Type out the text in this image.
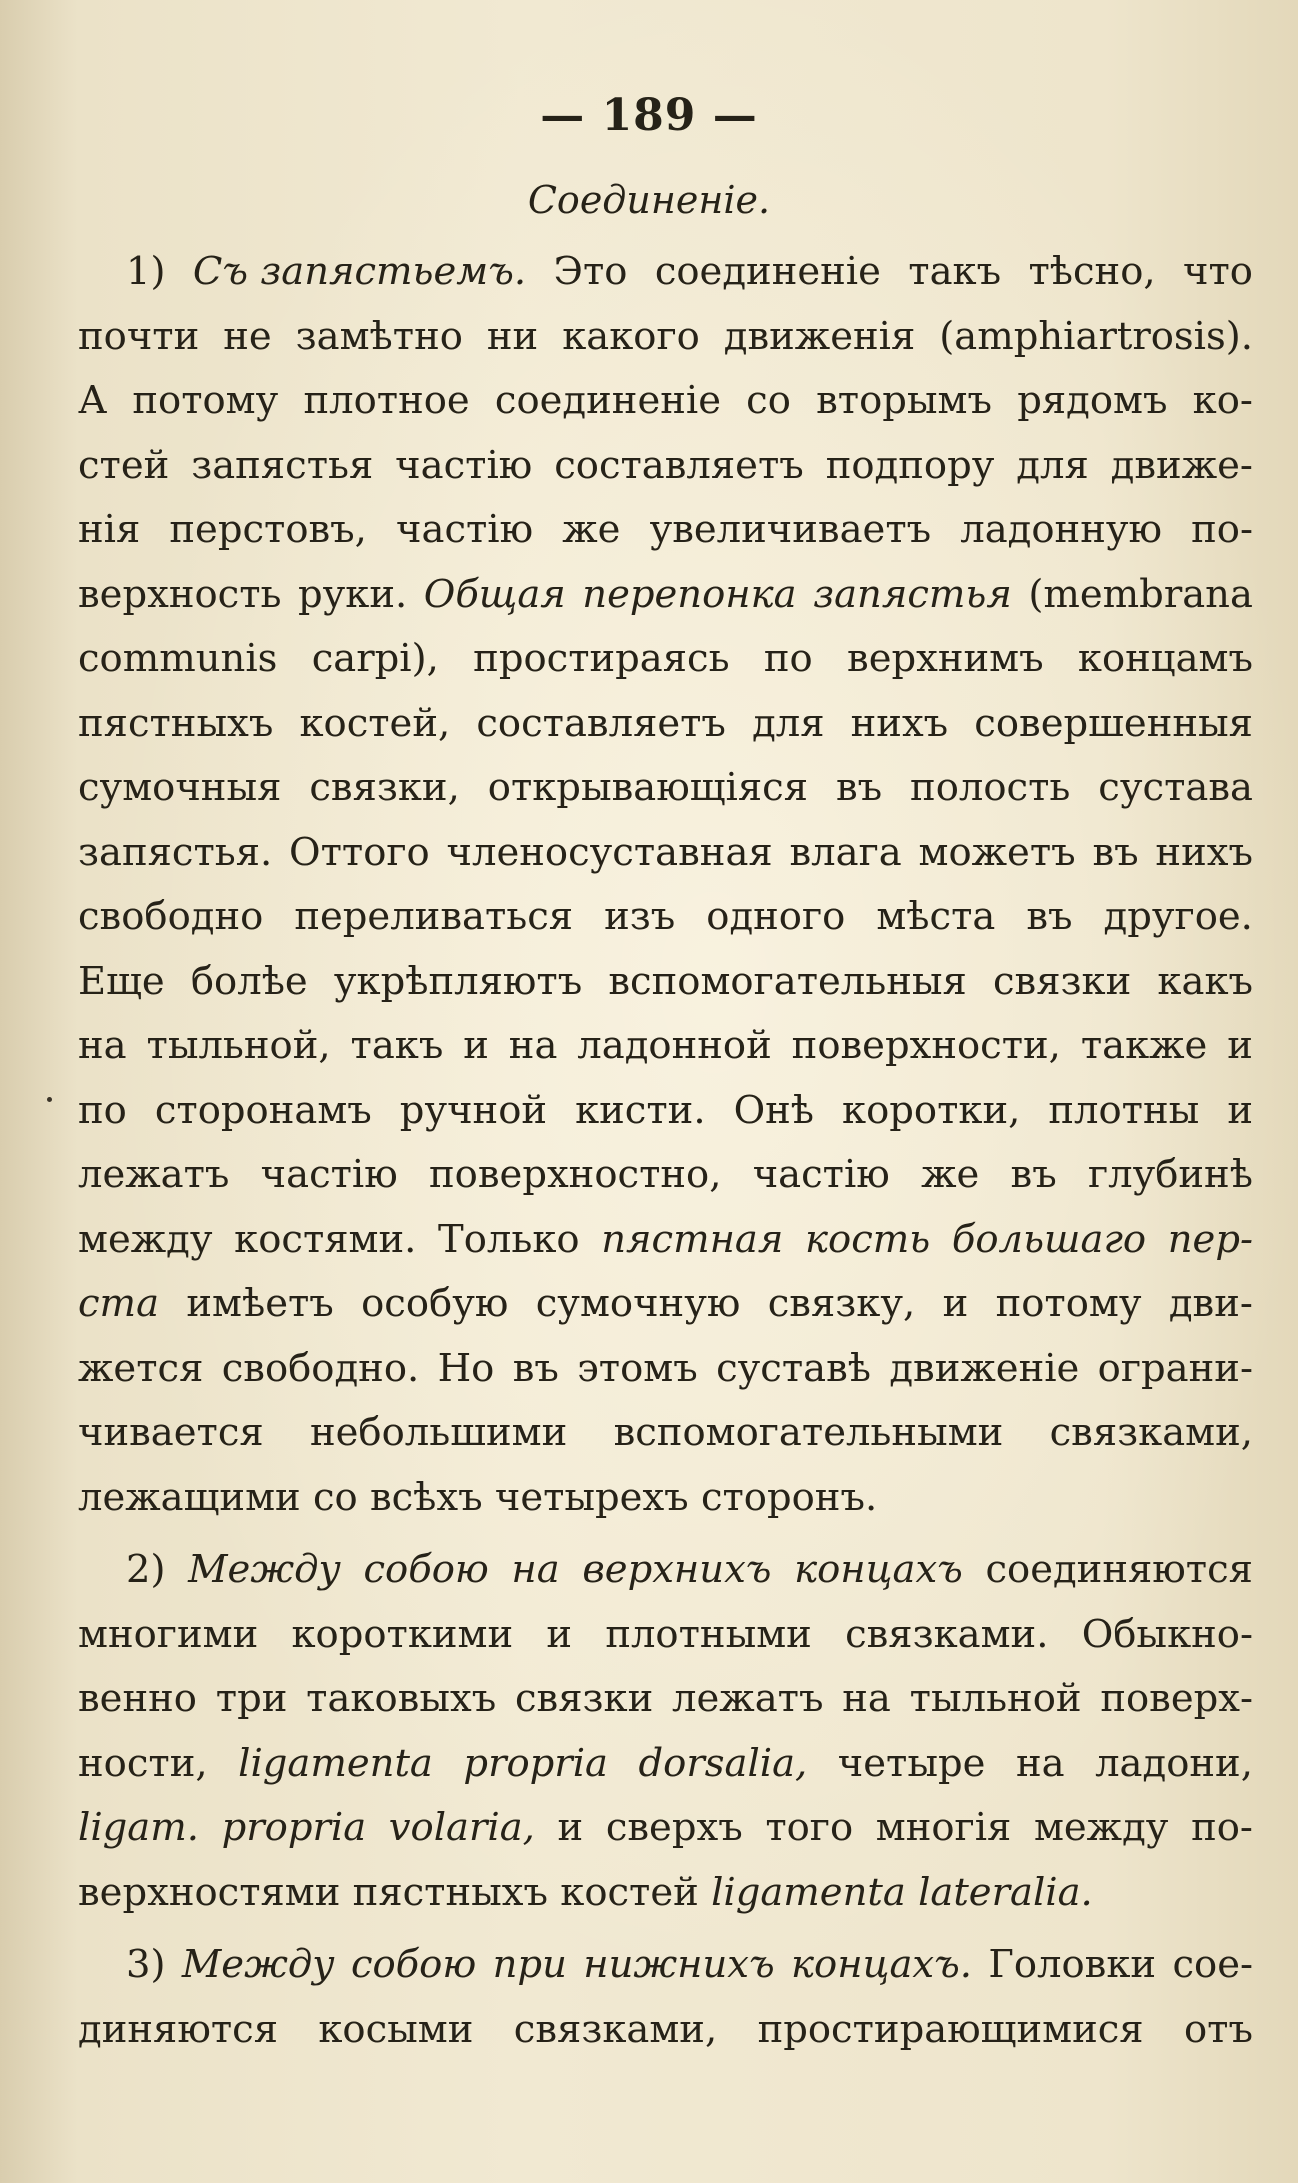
— 189 —
Соединеніе.
1) Съ запястьемъ. Это соединеніе такъ тѣсно, что
почти не замѣтно ни какого движенія (amphiartrosis).
А потому плотное соединеніе со вторымъ рядомъ ко-
стей запястья частію составляетъ подпору для движе-
нія перстовъ, частію же увеличиваетъ ладонную по-
верхность руки. Общая перепонка запястья (membrana
communis carpi), простираясь по верхнимъ концамъ
пястныхъ костей, составляетъ для нихъ совершенныя
сумочныя связки, открывающіяся въ полость сустава
запястья. Оттого членосуставная влага можетъ въ нихъ
свободно переливаться изъ одного мѣста въ другое.
Еще болѣе укрѣпляютъ вспомогательныя связки какъ
на тыльной, такъ и на ладонной поверхности, также и
по сторонамъ ручной кисти. Онѣ коротки, плотны и
лежатъ частію поверхностно, частію же въ глубинѣ
между костями. Только пястная кость большаго пер-
ста имѣетъ особую сумочную связку, и потому дви-
жется свободно. Но въ этомъ суставѣ движеніе ограни-
чивается небольшими вспомогательными связками,
лежащими со всѣхъ четырехъ сторонъ.
2) Между собою на верхнихъ концахъ соединяются
многими короткими и плотными связками. Обыкно-
венно три таковыхъ связки лежатъ на тыльной поверх-
ности, ligamenta propria dorsalia, четыре на ладони,
ligam. propria volaria, и сверхъ того многія между по-
верхностями пястныхъ костей ligamenta lateralia.
3) Между собою при нижнихъ концахъ. Головки сое-
диняются косыми связками, простирающимися отъ
